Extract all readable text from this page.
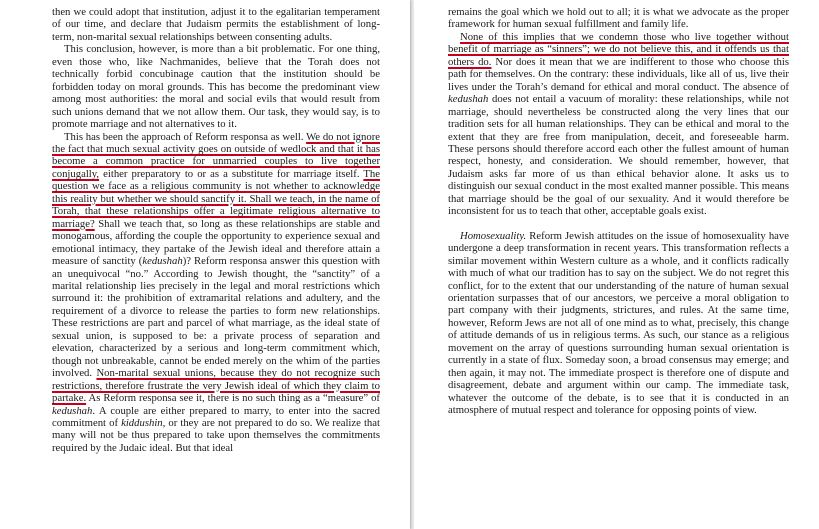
then we could adopt that institution, adjust it to the egalitarian temperament of our time, and declare that Judaism permits the establishment of long-term, non-marital sexual relationships between consenting adults.

This conclusion, however, is more than a bit problematic. For one thing, even those who, like Nachmanides, believe that the Torah does not technically forbid concubinage caution that the institution should be forbidden today on moral grounds. This has become the predominant view among most authorities: the moral and social evils that would result from such unions demand that we not allow them. Our task, they would say, is to promote marriage and not alternatives to it.

This has been the approach of Reform responsa as well. We do not ignore the fact that much sexual activity goes on outside of wedlock and that it has become a common practice for unmarried couples to live together conjugally, either preparatory to or as a substitute for marriage itself. The question we face as a religious community is not whether to acknowledge this reality but whether we should sanctify it. Shall we teach, in the name of Torah, that these relationships offer a legitimate religious alternative to marriage? Shall we teach that, so long as these relationships are stable and monogamous, affording the couple the opportunity to experience sexual and emotional intimacy, they partake of the Jewish ideal and therefore attain a measure of sanctity (kedushah)? Reform responsa answer this question with an unequivocal “no.” According to Jewish thought, the “sanctity” of a marital relationship lies precisely in the legal and moral restrictions which surround it: the prohibition of extramarital relations and adultery, and the requirement of a divorce to release the parties to form new relationships. These restrictions are part and parcel of what marriage, as the ideal state of sexual union, is supposed to be: a private process of separation and elevation, characterized by a serious and long-term commitment which, though not unbreakable, cannot be ended merely on the whim of the parties involved. Non-marital sexual unions, because they do not recognize such restrictions, therefore frustrate the very Jewish ideal of which they claim to partake. As Reform responsa see it, there is no such thing as a “measure” of kedushah. A couple are either prepared to marry, to enter into the sacred commitment of kiddushin, or they are not prepared to do so. We realize that many will not be thus prepared to take upon themselves the commitments required by the Judaic ideal. But that ideal

remains the goal which we hold out to all; it is what we advocate as the proper framework for human sexual fulfillment and family life.

None of this implies that we condemn those who live together without benefit of marriage as “sinners”; we do not believe this, and it offends us that others do. Nor does it mean that we are indifferent to those who choose this path for themselves. On the contrary: these individuals, like all of us, live their lives under the Torah’s demand for ethical and moral conduct. The absence of kedushah does not entail a vacuum of morality: these relationships, while not marriage, should nevertheless be constructed along the very lines that our tradition sets for all human relationships. They can be ethical and moral to the extent that they are free from manipulation, deceit, and foreseeable harm. These persons should therefore accord each other the fullest amount of human respect, honesty, and consideration. We should remember, however, that Judaism asks far more of us than ethical behavior alone. It asks us to distinguish our sexual conduct in the most exalted manner possible. This means that marriage should be the goal of our sexuality. And it would therefore be inconsistent for us to teach that other, acceptable goals exist.

Homosexuality. Reform Jewish attitudes on the issue of homosexuality have undergone a deep transformation in recent years. This transformation reflects a similar movement within Western culture as a whole, and it conflicts radically with much of what our tradition has to say on the subject. We do not regret this conflict, for to the extent that our understanding of the nature of human sexual orientation surpasses that of our ancestors, we perceive a moral obligation to part company with their judgments, strictures, and rules. At the same time, however, Reform Jews are not all of one mind as to what, precisely, this change of attitude demands of us in religious terms. As such, our stance as a religious movement on the array of questions surrounding human sexual orientation is currently in a state of flux. Someday soon, a broad consensus may emerge; and then again, it may not. The immediate prospect is therefore one of dispute and disagreement, debate and argument within our camp. The immediate task, whatever the outcome of the debate, is to see that it is conducted in an atmosphere of mutual respect and tolerance for opposing points of view.
